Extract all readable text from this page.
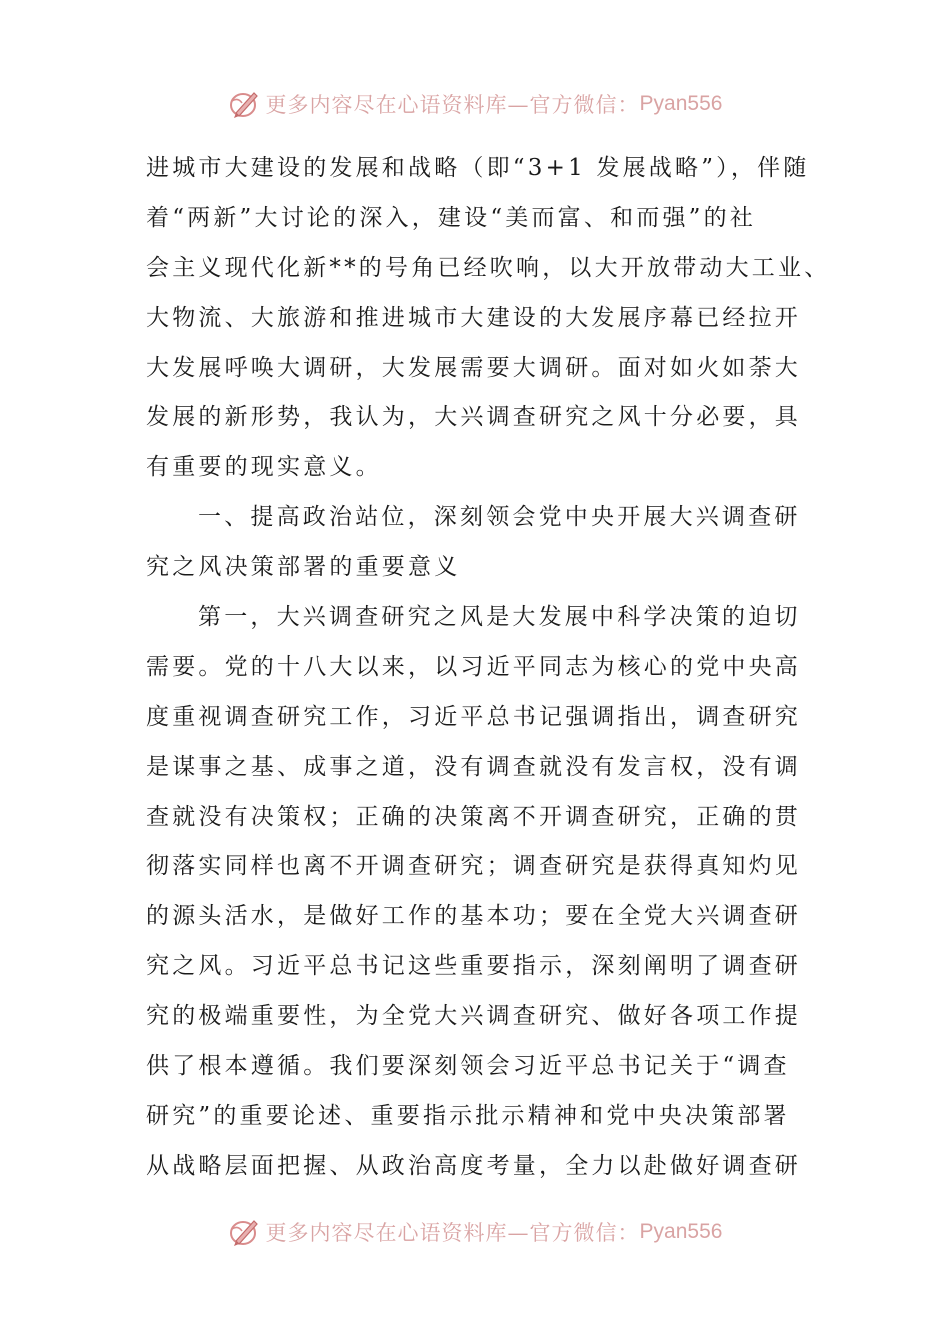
更多内容尽在心语资料库—官方微信： Pyan556
进城市大建设的发展和战略（即“3+1 发展战略”），伴随
着“两新”大讨论的深入，建设“美而富、和而强”的社
会主义现代化新**的号角已经吹响，以大开放带动大工业、
大物流、大旅游和推进城市大建设的大发展序幕已经拉开
大发展呼唤大调研，大发展需要大调研。面对如火如荼大
发展的新形势，我认为，大兴调查研究之风十分必要，具
有重要的现实意义。
一、提高政治站位，深刻领会党中央开展大兴调查研
究之风决策部署的重要意义
第一，大兴调查研究之风是大发展中科学决策的迫切
需要。党的十八大以来，以习近平同志为核心的党中央高
度重视调查研究工作，习近平总书记强调指出，调查研究
是谋事之基、成事之道，没有调查就没有发言权，没有调
查就没有决策权；正确的决策离不开调查研究，正确的贯
彻落实同样也离不开调查研究；调查研究是获得真知灼见
的源头活水，是做好工作的基本功；要在全党大兴调查研
究之风。习近平总书记这些重要指示，深刻阐明了调查研
究的极端重要性，为全党大兴调查研究、做好各项工作提
供了根本遵循。我们要深刻领会习近平总书记关于“调查
研究”的重要论述、重要指示批示精神和党中央决策部署
从战略层面把握、从政治高度考量，全力以赴做好调查研
更多内容尽在心语资料库—官方微信： Pyan556
